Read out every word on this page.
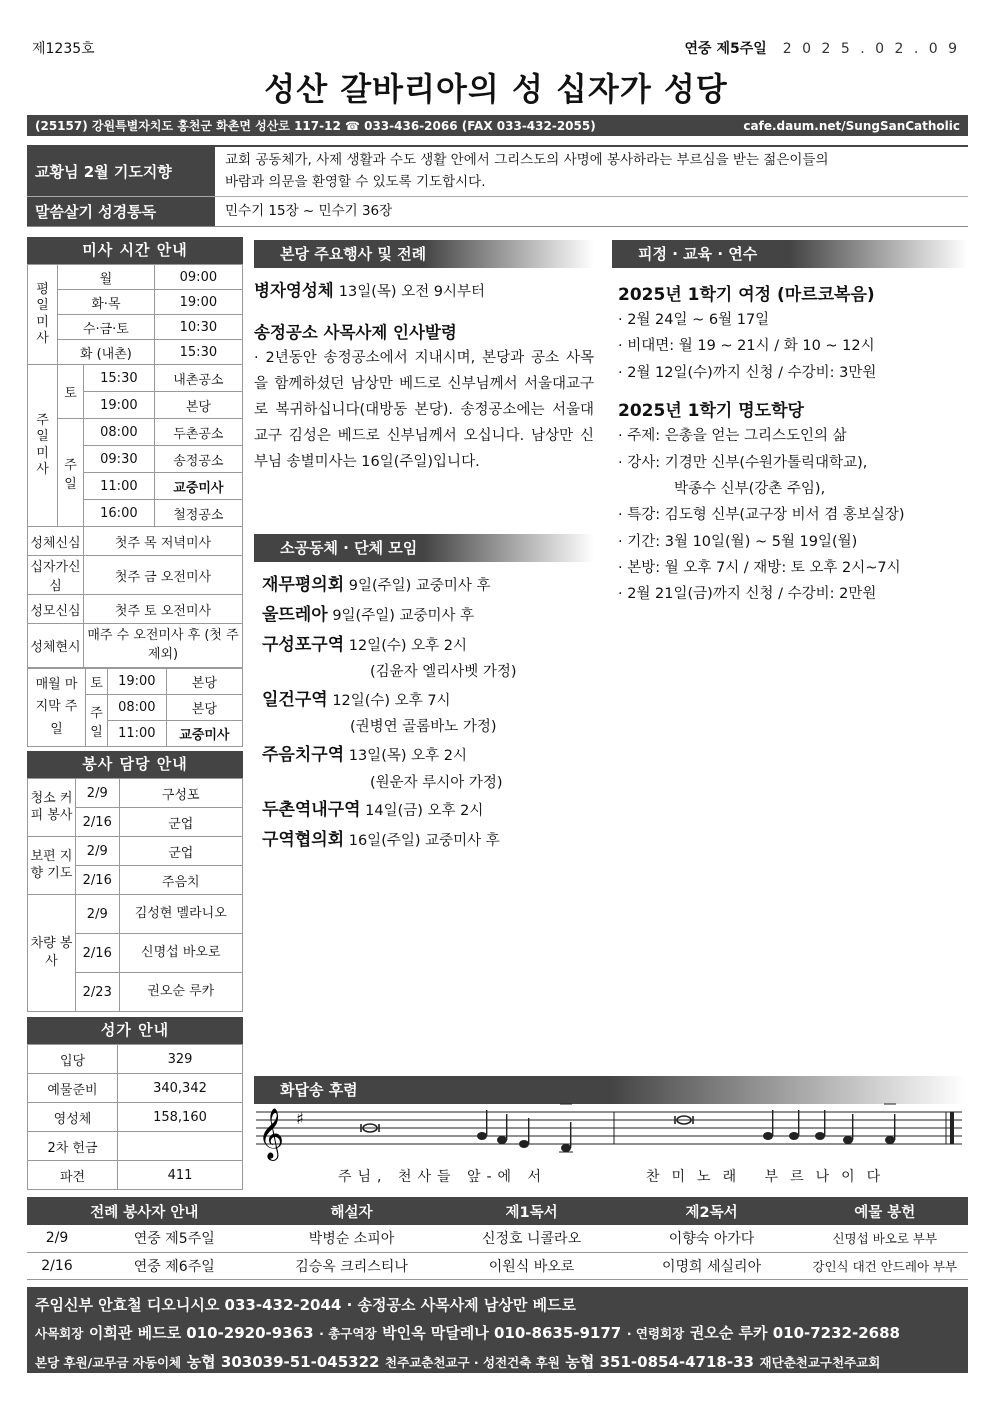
제1235호	연중 제5주일 2 0 2 5 . 0 2 . 0 9
성산 갈바리아의 성 십자가 성당
(25157) 강원특별자치도 홍천군 화촌면 성산로 117-12 ☎ 033-436-2066 (FAX 033-432-2055)	cafe.daum.net/SungSanCatholic
교황님 2월 기도지향
교회 공동체가, 사제 생활과 수도 생활 안에서 그리스도의 사명에 봉사하라는 부르심을 받는 젊은이들의
바람과 의문을 환영할 수 있도록 기도합시다.
말씀살기 성경통독	민수기 15장 ~ 민수기 36장
미사 시간 안내
평일미사	월		09:00
	화·목		19:00
	수·금·토		10:30
	화 (내촌)		15:30
주일미사	토	15:30	내촌공소
		19:00	본당
	주일	08:00	두촌공소
		09:30	송정공소
		11:00	교중미사
		16:00	철정공소
성체신심		첫주 목 저녁미사	
십자가신심		첫주 금 오전미사	
성모신심		첫주 토 오전미사	
성체현시		매주 수 오전미사 후 (첫 주 제외)	
매월 마지막 주일	토	19:00	본당
	주일	08:00	본당
		11:00	교중미사
봉사 담당 안내
청소 커피 봉사	2/9	구성포
	2/16	군업
보편 지향 기도	2/9	군업
	2/16	주음치
차량 봉사	2/9	김성현 멜라니오
	2/16	신명섭 바오로
	2/23	권오순 루카
성가 안내
입당	329
예물준비	340,342
영성체	158,160
2차 헌금	
파견	411
본당 주요행사 및 전례
병자영성체 13일(목) 오전 9시부터
송정공소 사목사제 인사발령
· 2년동안 송정공소에서 지내시며, 본당과 공소 사목을 함께하셨던 남상만 베드로 신부님께서 서울대교구로 복귀하십니다(대방동 본당). 송정공소에는 서울대교구 김성은 베드로 신부님께서 오십니다. 남상만 신부님 송별미사는 16일(주일)입니다.
소공동체 · 단체 모임
재무평의회 9일(주일) 교중미사 후
울뜨레아 9일(주일) 교중미사 후
구성포구역 12일(수) 오후 2시
(김윤자 엘리사벳 가정)
일건구역 12일(수) 오후 7시
(권병연 골롬바노 가정)
주음치구역 13일(목) 오후 2시
(원운자 루시아 가정)
두촌역내구역 14일(금) 오후 2시
구역협의회 16일(주일) 교중미사 후
피정 · 교육 · 연수
2025년 1학기 여정 (마르코복음)
· 2월 24일 ~ 6월 17일
· 비대면: 월 19 ~ 21시 / 화 10 ~ 12시
· 2월 12일(수)까지 신청 / 수강비: 3만원
2025년 1학기 명도학당
· 주제: 은총을 얻는 그리스도인의 삶
· 강사: 기경만 신부(수원가톨릭대학교),
박종수 신부(강촌 주임),
· 특강: 김도형 신부(교구장 비서 겸 홍보실장)
· 기간: 3월 10일(월) ~ 5월 19일(월)
· 본방: 월 오후 7시 / 재방: 토 오후 2시~7시
· 2월 21일(금)까지 신청 / 수강비: 2만원
화답송 후렴
𝄞 ♯
주님, 천사들 앞-에 서	찬미노래 부르나이다
전례 봉사자 안내		해설자	제1독서	제2독서	예물 봉헌
2/9	연중 제5주일	박병순 소피아	신정호 니콜라오	이향숙 아가다	신명섭 바오로 부부
2/16	연중 제6주일	김승옥 크리스티나	이원식 바오로	이명희 세실리아	강인식 대건 안드레아 부부
주임신부 안효철 디오니시오 033-432-2044 · 송정공소 사목사제 남상만 베드로
사목회장 이희관 베드로 010-2920-9363 · 총구역장 박인옥 막달레나 010-8635-9177 · 연령회장 권오순 루카 010-7232-2688
본당 후원/교무금 자동이체 농협 303039-51-045322 천주교춘천교구 · 성전건축 후원 농협 351-0854-4718-33 재단춘천교구천주교회
